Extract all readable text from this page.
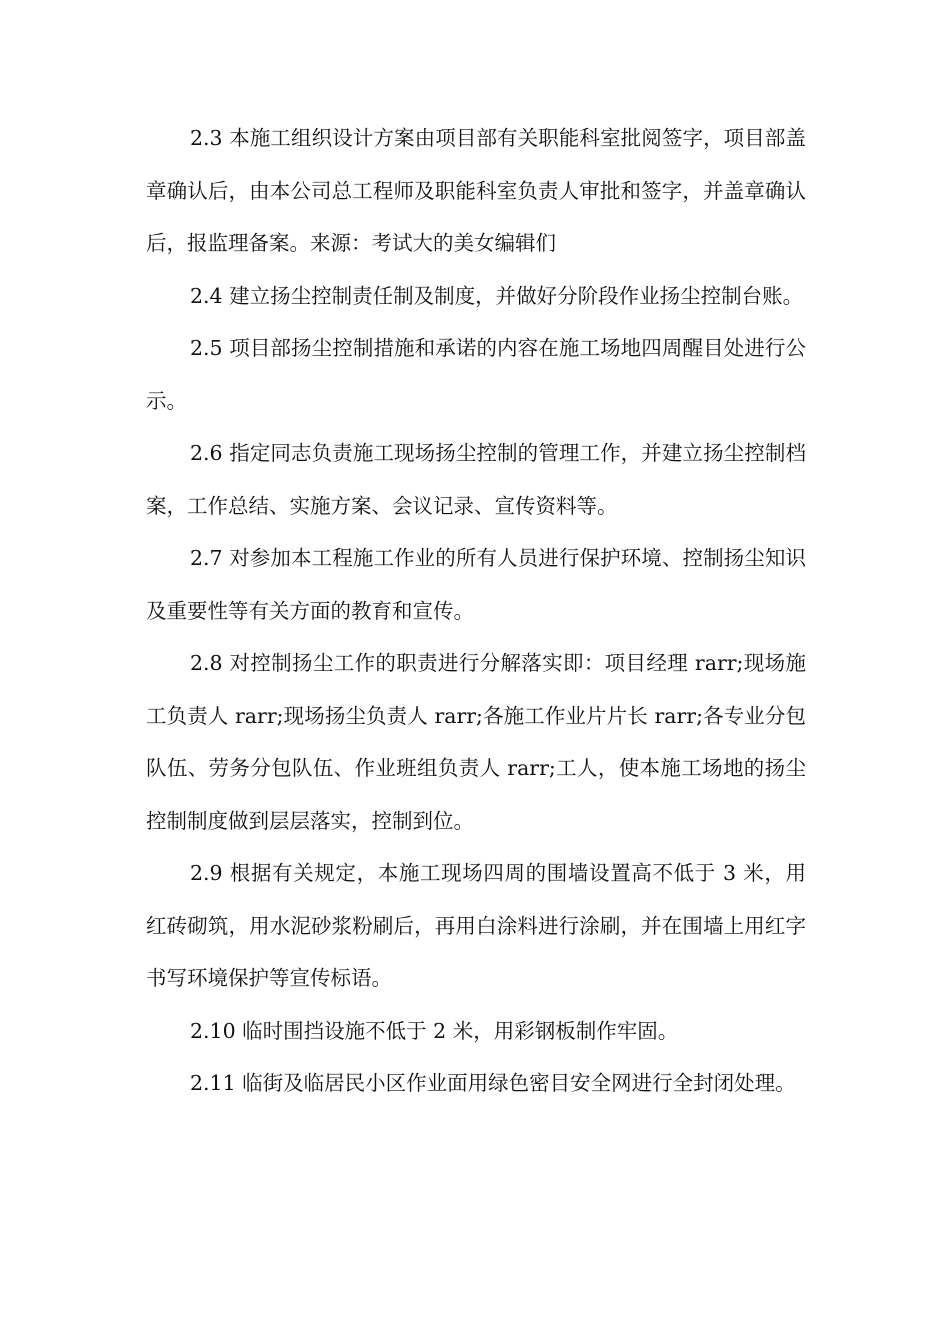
2.3 本施工组织设计方案由项目部有关职能科室批阅签字，项目部盖章确认后，由本公司总工程师及职能科室负责人审批和签字，并盖章确认后，报监理备案。来源：考试大的美女编辑们

2.4 建立扬尘控制责任制及制度，并做好分阶段作业扬尘控制台账。

2.5 项目部扬尘控制措施和承诺的内容在施工场地四周醒目处进行公示。

2.6 指定同志负责施工现场扬尘控制的管理工作，并建立扬尘控制档案，工作总结、实施方案、会议记录、宣传资料等。

2.7 对参加本工程施工作业的所有人员进行保护环境、控制扬尘知识及重要性等有关方面的教育和宣传。

2.8 对控制扬尘工作的职责进行分解落实即：项目经理 rarr;现场施工负责人 rarr;现场扬尘负责人 rarr;各施工作业片片长 rarr;各专业分包队伍、劳务分包队伍、作业班组负责人 rarr;工人，使本施工场地的扬尘控制制度做到层层落实，控制到位。

2.9 根据有关规定，本施工现场四周的围墙设置高不低于 3 米，用红砖砌筑，用水泥砂浆粉刷后，再用白涂料进行涂刷，并在围墙上用红字书写环境保护等宣传标语。

2.10 临时围挡设施不低于 2 米，用彩钢板制作牢固。

2.11 临街及临居民小区作业面用绿色密目安全网进行全封闭处理。
